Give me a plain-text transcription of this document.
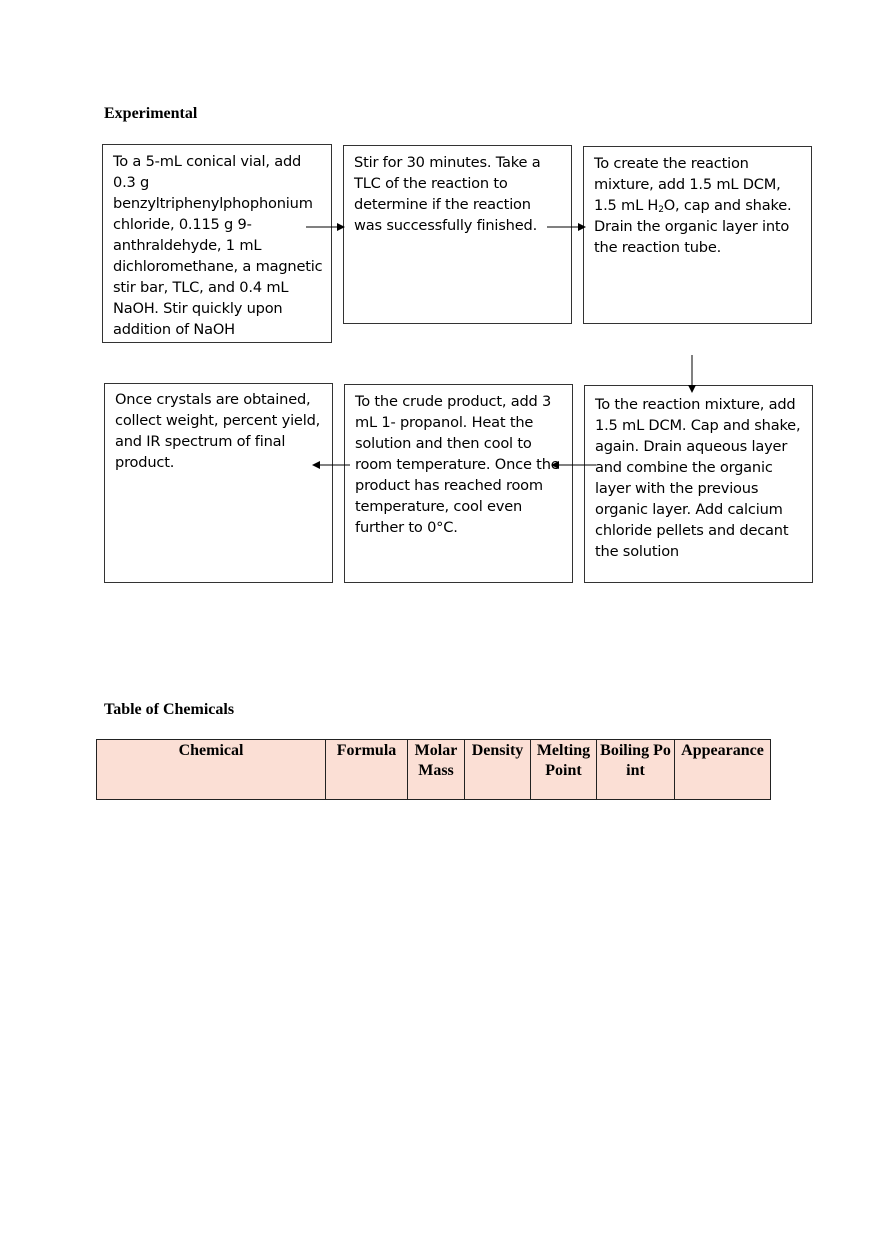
Experimental
To a 5-mL conical vial, add 0.3 g benzyltriphenylphophonium chloride, 0.115 g 9-anthraldehyde, 1 mL dichloromethane, a magnetic stir bar, TLC, and 0.4 mL NaOH. Stir quickly upon addition of NaOH
Stir for 30 minutes. Take a TLC of the reaction to determine if the reaction was successfully finished.
To create the reaction mixture, add 1.5 mL DCM, 1.5 mL $H_2O$, cap and shake. Drain the organic layer into the reaction tube.
To the reaction mixture, add 1.5 mL DCM. Cap and shake, again. Drain aqueous layer and combine the organic layer with the previous organic layer. Add calcium chloride pellets and decant the solution
To the crude product, add 3 mL 1- propanol. Heat the solution and then cool to room temperature. Once the product has reached room temperature, cool even further to 0°C.
Once crystals are obtained, collect weight, percent yield, and IR spectrum of final product.
Table of Chemicals
Chemical	Formula	Molar Mass	Density	Melting Point	Boiling Point	Appearance
